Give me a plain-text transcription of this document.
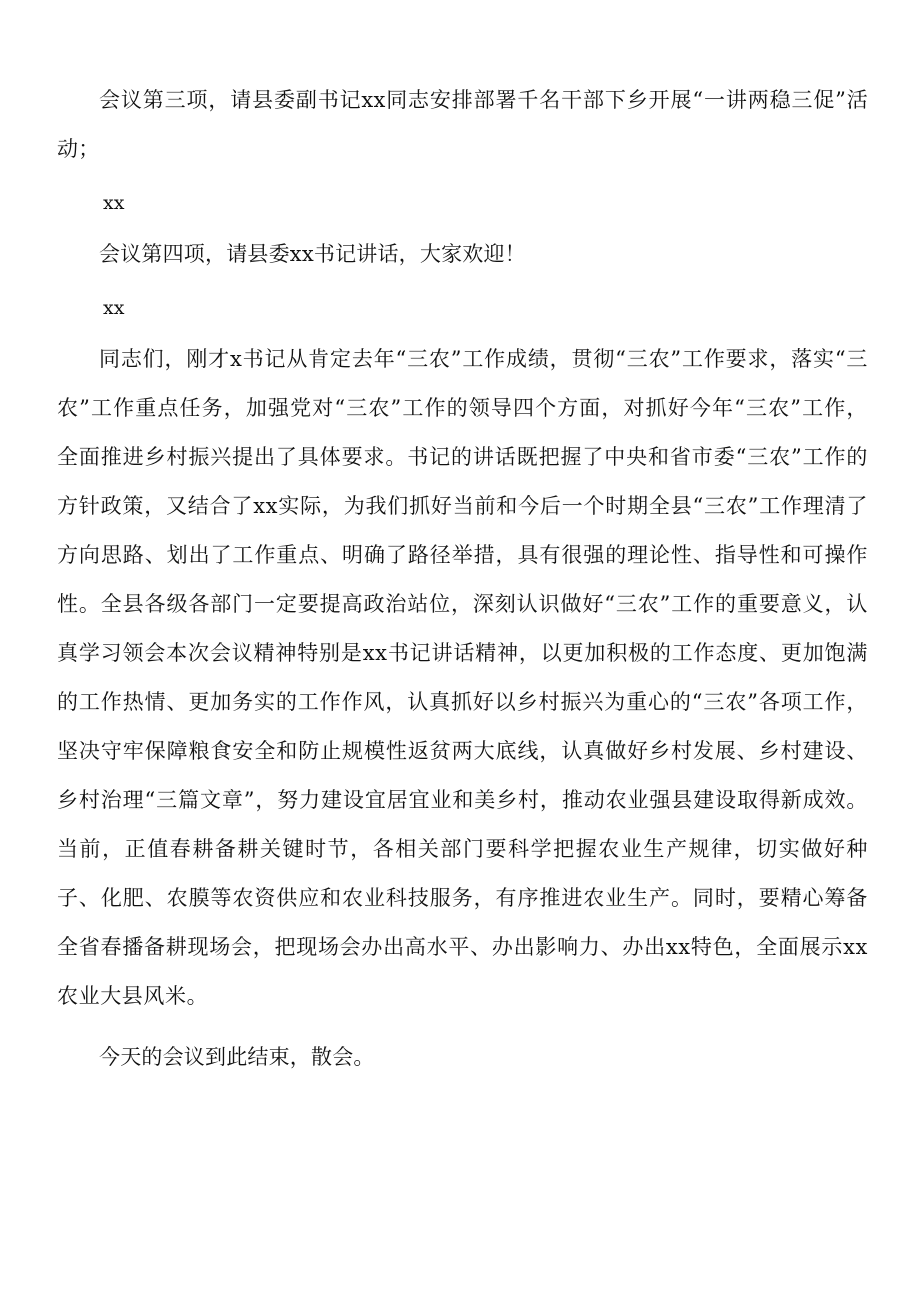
会议第三项，请县委副书记xx同志安排部署千名干部下乡开展“一讲两稳三促”活动；

xx

会议第四项，请县委xx书记讲话，大家欢迎！

xx

同志们，刚才x书记从肯定去年“三农”工作成绩，贯彻“三农”工作要求，落实“三农”工作重点任务，加强党对“三农”工作的领导四个方面，对抓好今年“三农”工作，全面推进乡村振兴提出了具体要求。书记的讲话既把握了中央和省市委“三农”工作的方针政策，又结合了xx实际，为我们抓好当前和今后一个时期全县“三农”工作理清了方向思路、划出了工作重点、明确了路径举措，具有很强的理论性、指导性和可操作性。全县各级各部门一定要提高政治站位，深刻认识做好“三农”工作的重要意义，认真学习领会本次会议精神特别是xx书记讲话精神，以更加积极的工作态度、更加饱满的工作热情、更加务实的工作作风，认真抓好以乡村振兴为重心的“三农”各项工作，坚决守牢保障粮食安全和防止规模性返贫两大底线，认真做好乡村发展、乡村建设、乡村治理“三篇文章”，努力建设宜居宜业和美乡村，推动农业强县建设取得新成效。当前，正值春耕备耕关键时节，各相关部门要科学把握农业生产规律，切实做好种子、化肥、农膜等农资供应和农业科技服务，有序推进农业生产。同时，要精心筹备全省春播备耕现场会，把现场会办出高水平、办出影响力、办出xx特色，全面展示xx农业大县风米。

今天的会议到此结束，散会。
